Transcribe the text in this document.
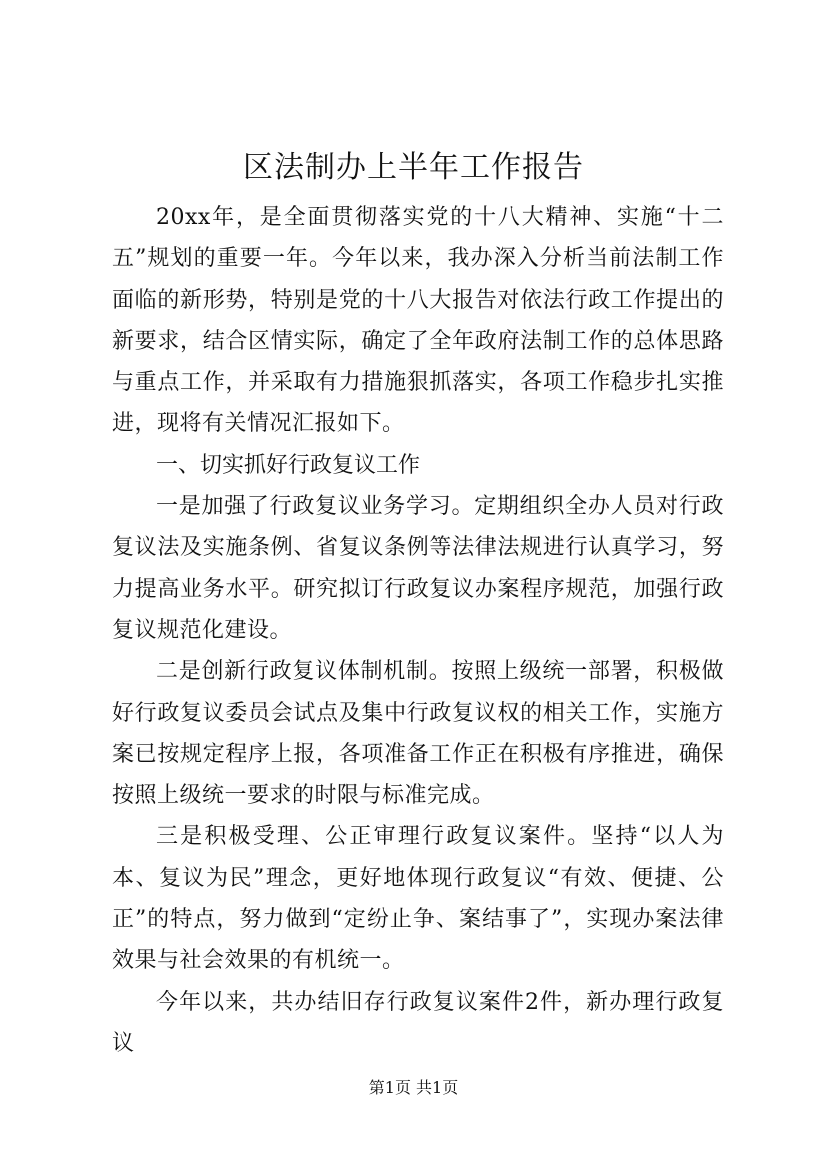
区法制办上半年工作报告

20xx年，是全面贯彻落实党的十八大精神、实施“十二五”规划的重要一年。今年以来，我办深入分析当前法制工作面临的新形势，特别是党的十八大报告对依法行政工作提出的新要求，结合区情实际，确定了全年政府法制工作的总体思路与重点工作，并采取有力措施狠抓落实，各项工作稳步扎实推进，现将有关情况汇报如下。

一、切实抓好行政复议工作

一是加强了行政复议业务学习。定期组织全办人员对行政复议法及实施条例、省复议条例等法律法规进行认真学习，努力提高业务水平。研究拟订行政复议办案程序规范，加强行政复议规范化建设。

二是创新行政复议体制机制。按照上级统一部署，积极做好行政复议委员会试点及集中行政复议权的相关工作，实施方案已按规定程序上报，各项准备工作正在积极有序推进，确保按照上级统一要求的时限与标准完成。

三是积极受理、公正审理行政复议案件。坚持“以人为本、复议为民”理念，更好地体现行政复议“有效、便捷、公正”的特点，努力做到“定纷止争、案结事了”，实现办案法律效果与社会效果的有机统一。

今年以来，共办结旧存行政复议案件2件，新办理行政复议

第1页 共1页
